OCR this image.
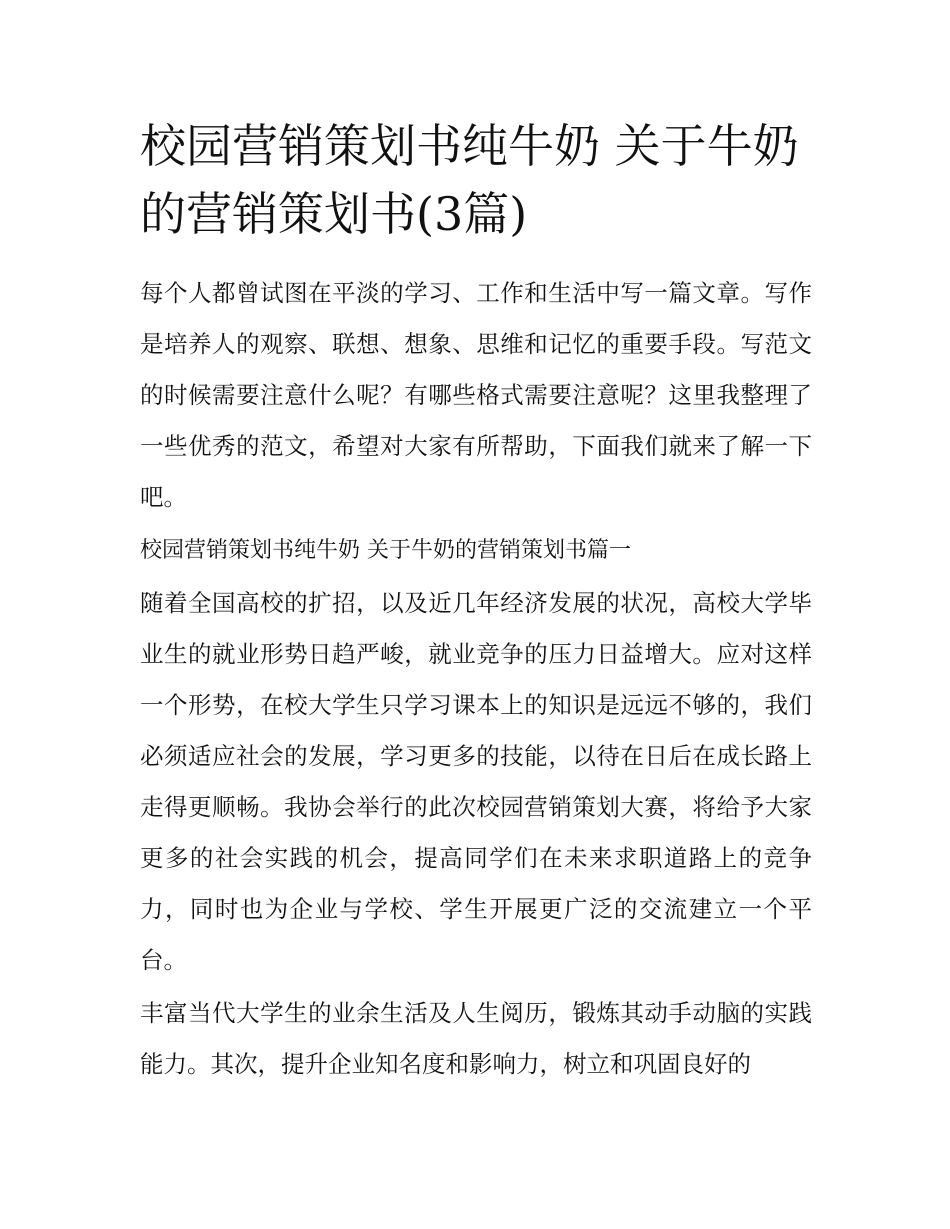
校园营销策划书纯牛奶 关于牛奶的营销策划书(3篇)

每个人都曾试图在平淡的学习、工作和生活中写一篇文章。写作是培养人的观察、联想、想象、思维和记忆的重要手段。写范文的时候需要注意什么呢？有哪些格式需要注意呢？这里我整理了一些优秀的范文，希望对大家有所帮助，下面我们就来了解一下吧。

校园营销策划书纯牛奶 关于牛奶的营销策划书篇一

随着全国高校的扩招，以及近几年经济发展的状况，高校大学毕业生的就业形势日趋严峻，就业竞争的压力日益增大。应对这样一个形势，在校大学生只学习课本上的知识是远远不够的，我们必须适应社会的发展，学习更多的技能，以待在日后在成长路上走得更顺畅。我协会举行的此次校园营销策划大赛，将给予大家更多的社会实践的机会，提高同学们在未来求职道路上的竞争力，同时也为企业与学校、学生开展更广泛的交流建立一个平台。

丰富当代大学生的业余生活及人生阅历，锻炼其动手动脑的实践能力。其次，提升企业知名度和影响力，树立和巩固良好的
